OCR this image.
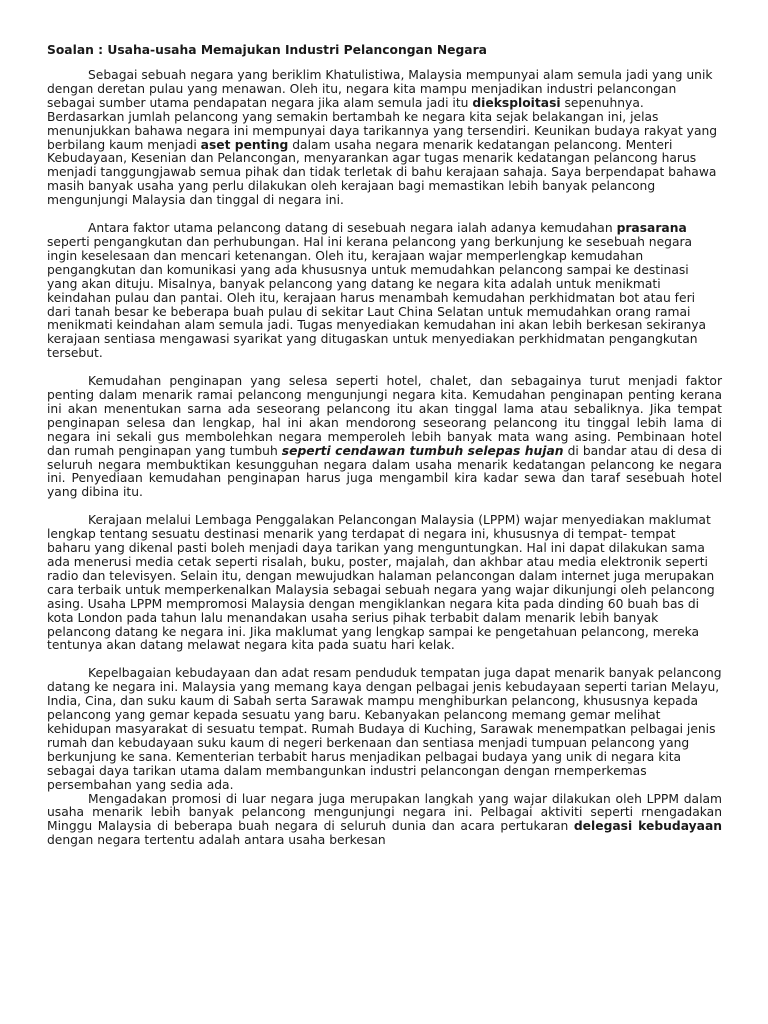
Soalan : Usaha-usaha Memajukan Industri Pelancongan Negara

Sebagai sebuah negara yang beriklim Khatulistiwa, Malaysia mempunyai alam semula jadi yang unik dengan deretan pulau yang menawan. Oleh itu, negara kita mampu menjadikan industri pelancongan sebagai sumber utama pendapatan negara jika alam semula jadi itu dieksploitasi sepenuhnya. Berdasarkan jumlah pelancong yang semakin bertambah ke negara kita sejak belakangan ini, jelas menunjukkan bahawa negara ini mempunyai daya tarikannya yang tersendiri. Keunikan budaya rakyat yang berbilang kaum menjadi aset penting dalam usaha negara menarik kedatangan pelancong. Menteri Kebudayaan, Kesenian dan Pelancongan, menyarankan agar tugas menarik kedatangan pelancong harus menjadi tanggungjawab semua pihak dan tidak terletak di bahu kerajaan sahaja. Saya berpendapat bahawa masih banyak usaha yang perlu dilakukan oleh kerajaan bagi memastikan lebih banyak pelancong mengunjungi Malaysia dan tinggal di negara ini.

Antara faktor utama pelancong datang di sesebuah negara ialah adanya kemudahan prasarana seperti pengangkutan dan perhubungan. Hal ini kerana pelancong yang berkunjung ke sesebuah negara ingin keselesaan dan mencari ketenangan. Oleh itu, kerajaan wajar memperlengkap kemudahan pengangkutan dan komunikasi yang ada khususnya untuk memudahkan pelancong sampai ke destinasi yang akan dituju. Misalnya, banyak pelancong yang datang ke negara kita adalah untuk menikmati keindahan pulau dan pantai. Oleh itu, kerajaan harus menambah kemudahan perkhidmatan bot atau feri dari tanah besar ke beberapa buah pulau di sekitar Laut China Selatan untuk memudahkan orang ramai menikmati keindahan alam semula jadi. Tugas menyediakan kemudahan ini akan lebih berkesan sekiranya kerajaan sentiasa mengawasi syarikat yang ditugaskan untuk menyediakan perkhidmatan pengangkutan tersebut.

Kemudahan penginapan yang selesa seperti hotel, chalet, dan sebagainya turut menjadi faktor penting dalam menarik ramai pelancong mengunjungi negara kita. Kemudahan penginapan penting kerana ini akan menentukan sarna ada seseorang pelancong itu akan tinggal lama atau sebaliknya. Jika tempat penginapan selesa dan lengkap, hal ini akan mendorong seseorang pelancong itu tinggal lebih lama di negara ini sekali gus membolehkan negara memperoleh lebih banyak mata wang asing. Pembinaan hotel dan rumah penginapan yang tumbuh seperti cendawan tumbuh selepas hujan di bandar atau di desa di seluruh negara membuktikan kesungguhan negara dalam usaha menarik kedatangan pelancong ke negara ini. Penyediaan kemudahan penginapan harus juga mengambil kira kadar sewa dan taraf sesebuah hotel yang dibina itu.

Kerajaan melalui Lembaga Penggalakan Pelancongan Malaysia (LPPM) wajar menyediakan maklumat lengkap tentang sesuatu destinasi menarik yang terdapat di negara ini, khususnya di tempat- tempat baharu yang dikenal pasti boleh menjadi daya tarikan yang menguntungkan. Hal ini dapat dilakukan sama ada menerusi media cetak seperti risalah, buku, poster, majalah, dan akhbar atau media elektronik seperti radio dan televisyen. Selain itu, dengan mewujudkan halaman pelancongan dalam internet juga merupakan cara terbaik untuk memperkenalkan Malaysia sebagai sebuah negara yang wajar dikunjungi oleh pelancong asing. Usaha LPPM mempromosi Malaysia dengan mengiklankan negara kita pada dinding 60 buah bas di kota London pada tahun lalu menandakan usaha serius pihak terbabit dalam menarik lebih banyak pelancong datang ke negara ini. Jika maklumat yang lengkap sampai ke pengetahuan pelancong, mereka tentunya akan datang melawat negara kita pada suatu hari kelak.

Kepelbagaian kebudayaan dan adat resam penduduk tempatan juga dapat menarik banyak pelancong datang ke negara ini. Malaysia yang memang kaya dengan pelbagai jenis kebudayaan seperti tarian Melayu, India, Cina, dan suku kaum di Sabah serta Sarawak mampu menghiburkan pelancong, khususnya kepada pelancong yang gemar kepada sesuatu yang baru. Kebanyakan pelancong memang gemar melihat kehidupan masyarakat di sesuatu tempat. Rumah Budaya di Kuching, Sarawak menempatkan pelbagai jenis rumah dan kebudayaan suku kaum di negeri berkenaan dan sentiasa menjadi tumpuan pelancong yang berkunjung ke sana. Kementerian terbabit harus menjadikan pelbagai budaya yang unik di negara kita sebagai daya tarikan utama dalam membangunkan industri pelancongan dengan rnemperkemas persembahan yang sedia ada.

Mengadakan promosi di luar negara juga merupakan langkah yang wajar dilakukan oleh LPPM dalam usaha menarik lebih banyak pelancong mengunjungi negara ini. Pelbagai aktiviti seperti rnengadakan Minggu Malaysia di beberapa buah negara di seluruh dunia dan acara pertukaran delegasi kebudayaan dengan negara tertentu adalah antara usaha berkesan
